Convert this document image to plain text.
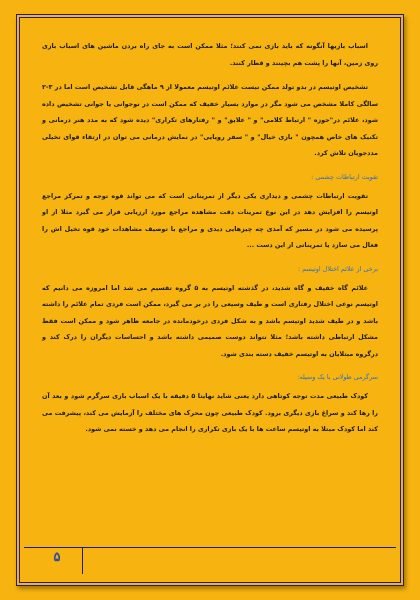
اسباب بازیها آنگونه که باید بازی نمی کنند؛ مثلا ممکن است به جای راه بردن ماشین های اسباب بازی روی زمین، آنها را پشت هم بچینند و قطار کنند.

تشخیص اوتیسم در بدو تولد ممکن نیست علائم اوتیسم معمولا از ۹ ماهگی قابل تشخیص است اما در ۳-۲ سالگی کاملا مشخص می شود مگر در موارد بسیار خفیف که ممکن است در نوجوانی یا جوانی تشخیص داده شود، علائم در"حوزه " ارتباط کلامی" و " علایق" و " رفتارهای تکراری" دیده شود که به مدد هنر درمانی و تکنیک های خاص همچون " بازی خیال" و " سفر رویایی" در نمایش درمانی می توان در ارتقاء قوای تخیلی مددجویان تلاش کرد.

تقویت ارتباطات چشمی :

تقویت ارتباطات چشمی و دیداری یکی دیگر از تمریناتی است که می تواند قوه توجه و تمرکز مراجع اوتیسم را افزایش دهد در این نوع تمرینات دقت مشاهده مراجع مورد ارزیابی قرار می گیرد مثلا از او پرسیده می شود در مسیر که آمدی چه چیزهایی دیدی و مراجع با توصیف مشاهدات خود قوه تخیل اش را فعال می سازد یا تمریناتی از این دست ...

برخی از علائم اختلال اوتیسم :

علائم گاه خفیف و گاه شدید، در گذشته اوتیسم به ۵ گروه تقسیم می شد اما امروزه می دانیم که اوتیسم نوعی اختلال رفتاری است و طیف وسیعی را در بر می گیرد، ممکن است فردی تمام علائم را داشته باشد و در طیف شدید اوتیسم باشد و به شکل فردی درخودمانده در جامعه ظاهر شود و ممکن است فقط مشکل ارتباطی داشته باشد؛ مثلا نتواند دوست صمیمی داشته باشد و احساسات دیگران را درک کند و درگروه مبتلایان به اوتیسم خفیف دسته بندی شود.

سرگرمی طولانی با یک وسیله:

کودک طبیعی مدت توجه کوتاهی دارد یعنی شاید نهایتا ۵ دقیقه با یک اسباب بازی سرگرم شود و بعد آن را رها کند و سراغ بازی دیگری برود. کودک طبیعی چون محرک های مختلف را آزمایش می کند، پیشرفت می کند اما کودک مبتلا به اوتیسم ساعت ها با یک بازی تکراری را انجام می دهد و خسته نمی شود.

۵
